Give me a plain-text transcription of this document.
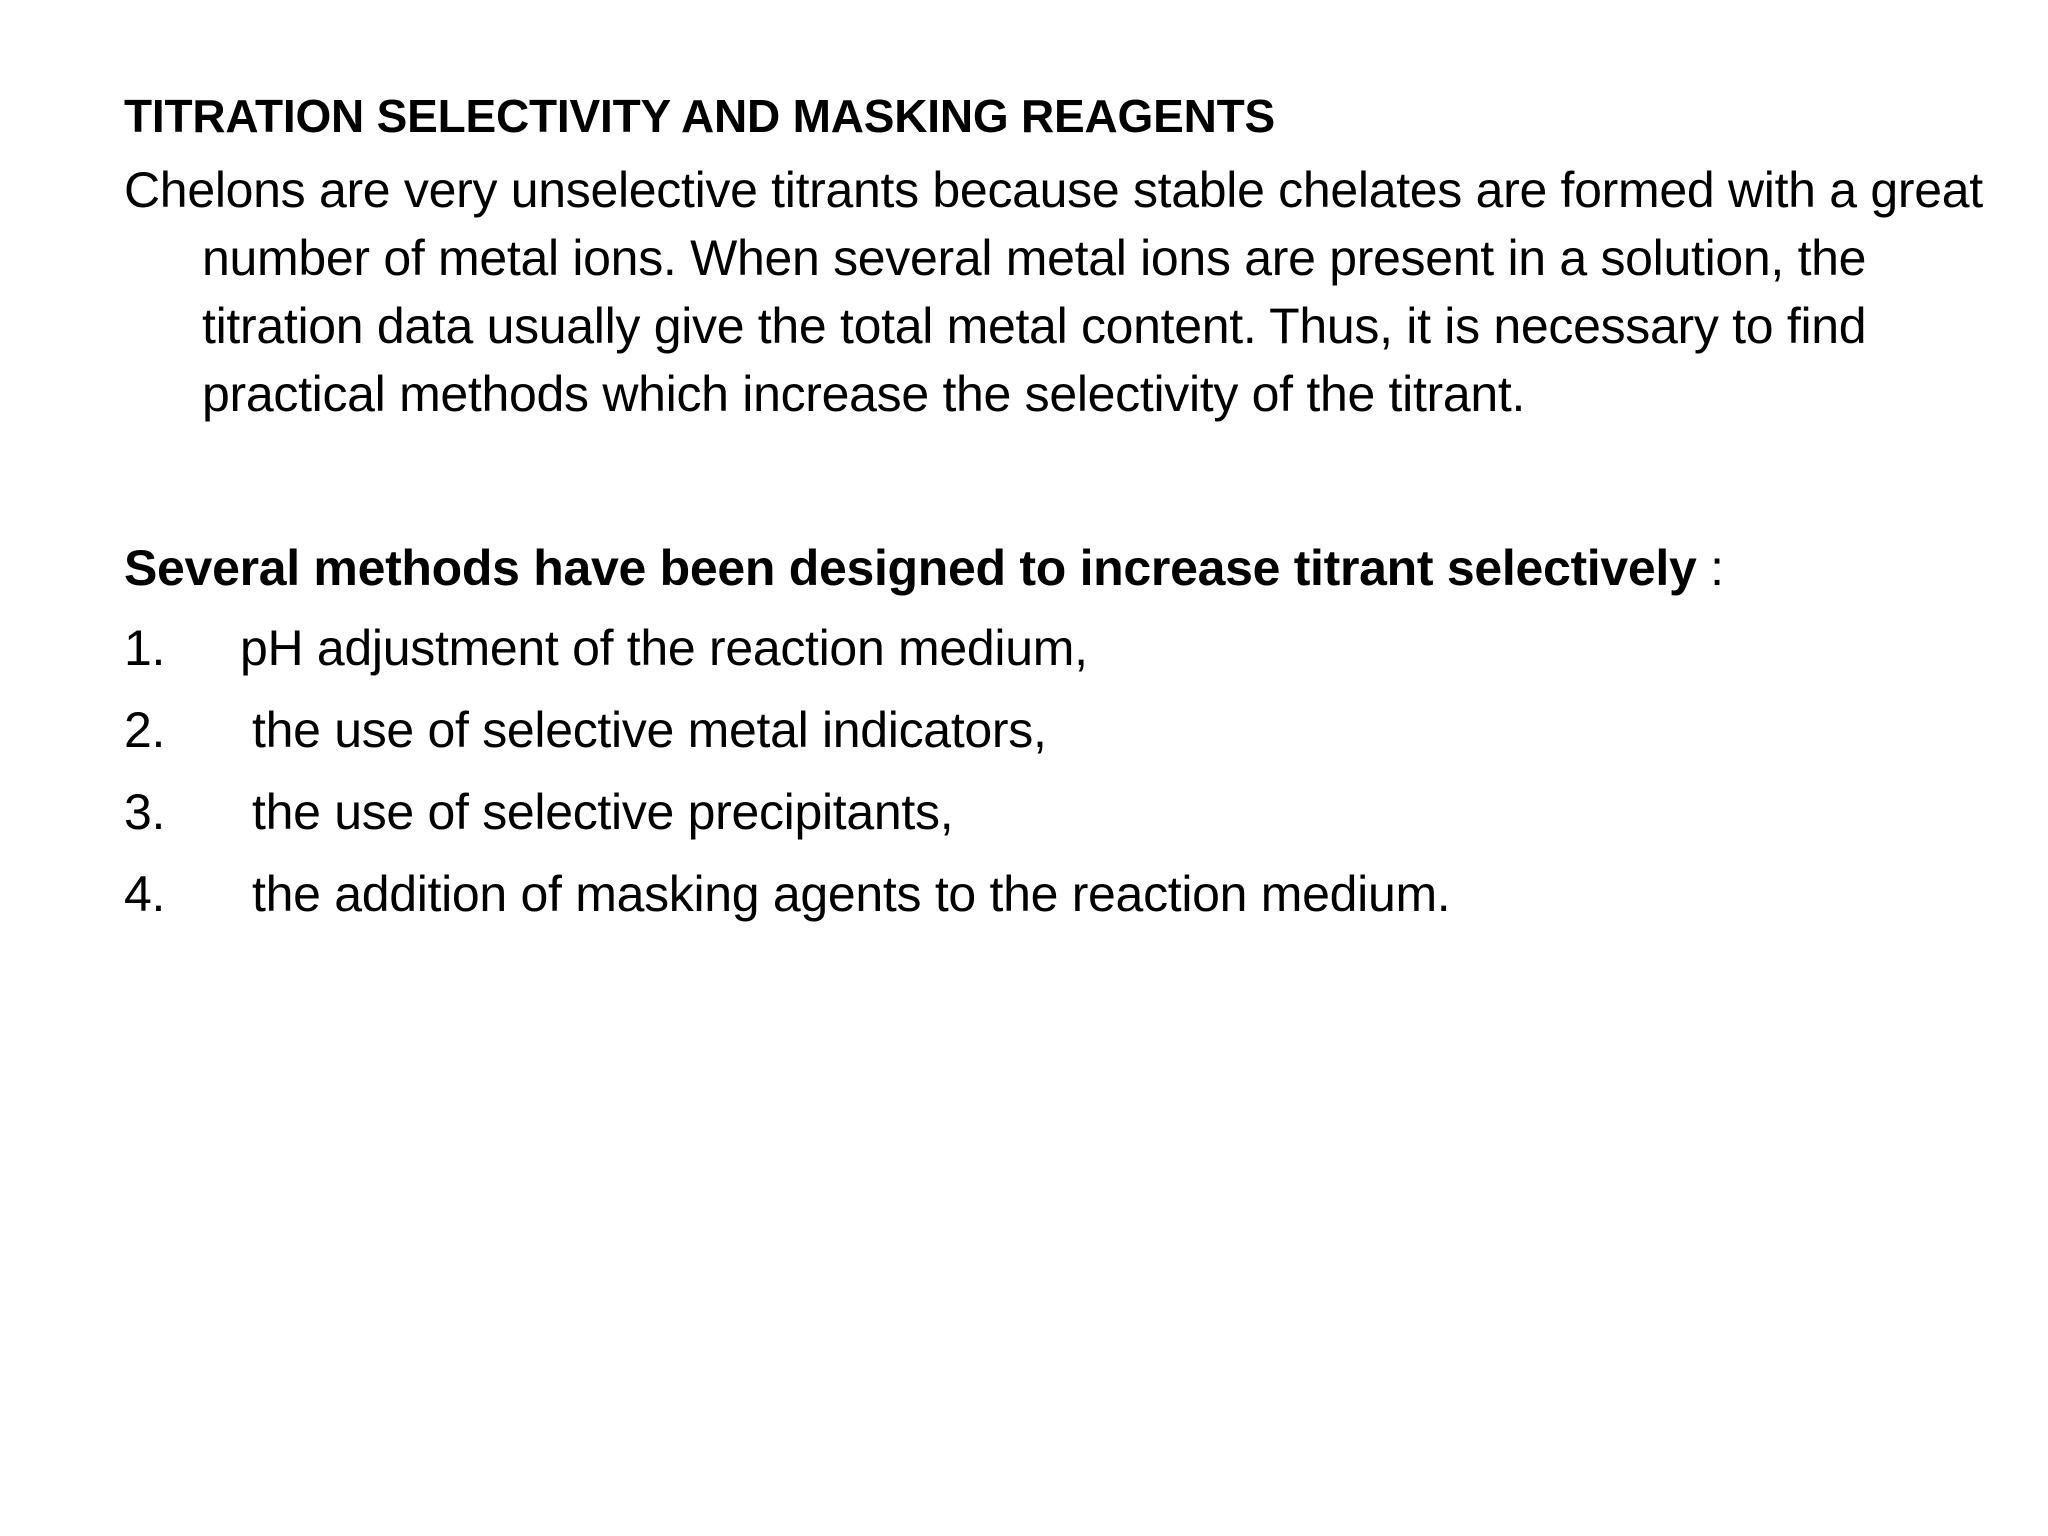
TITRATION SELECTIVITY AND MASKING REAGENTS

Chelons are very unselective titrants because stable chelates are formed with a great number of metal ions. When several metal ions are present in a solution, the titration data usually give the total metal content. Thus, it is necessary to find practical methods which increase the selectivity of the titrant.

Several methods have been designed to increase titrant selectively :

1.	pH adjustment of the reaction medium,
2.	the use of selective metal indicators,
3.	the use of selective precipitants,
4.	the addition of masking agents to the reaction medium.
